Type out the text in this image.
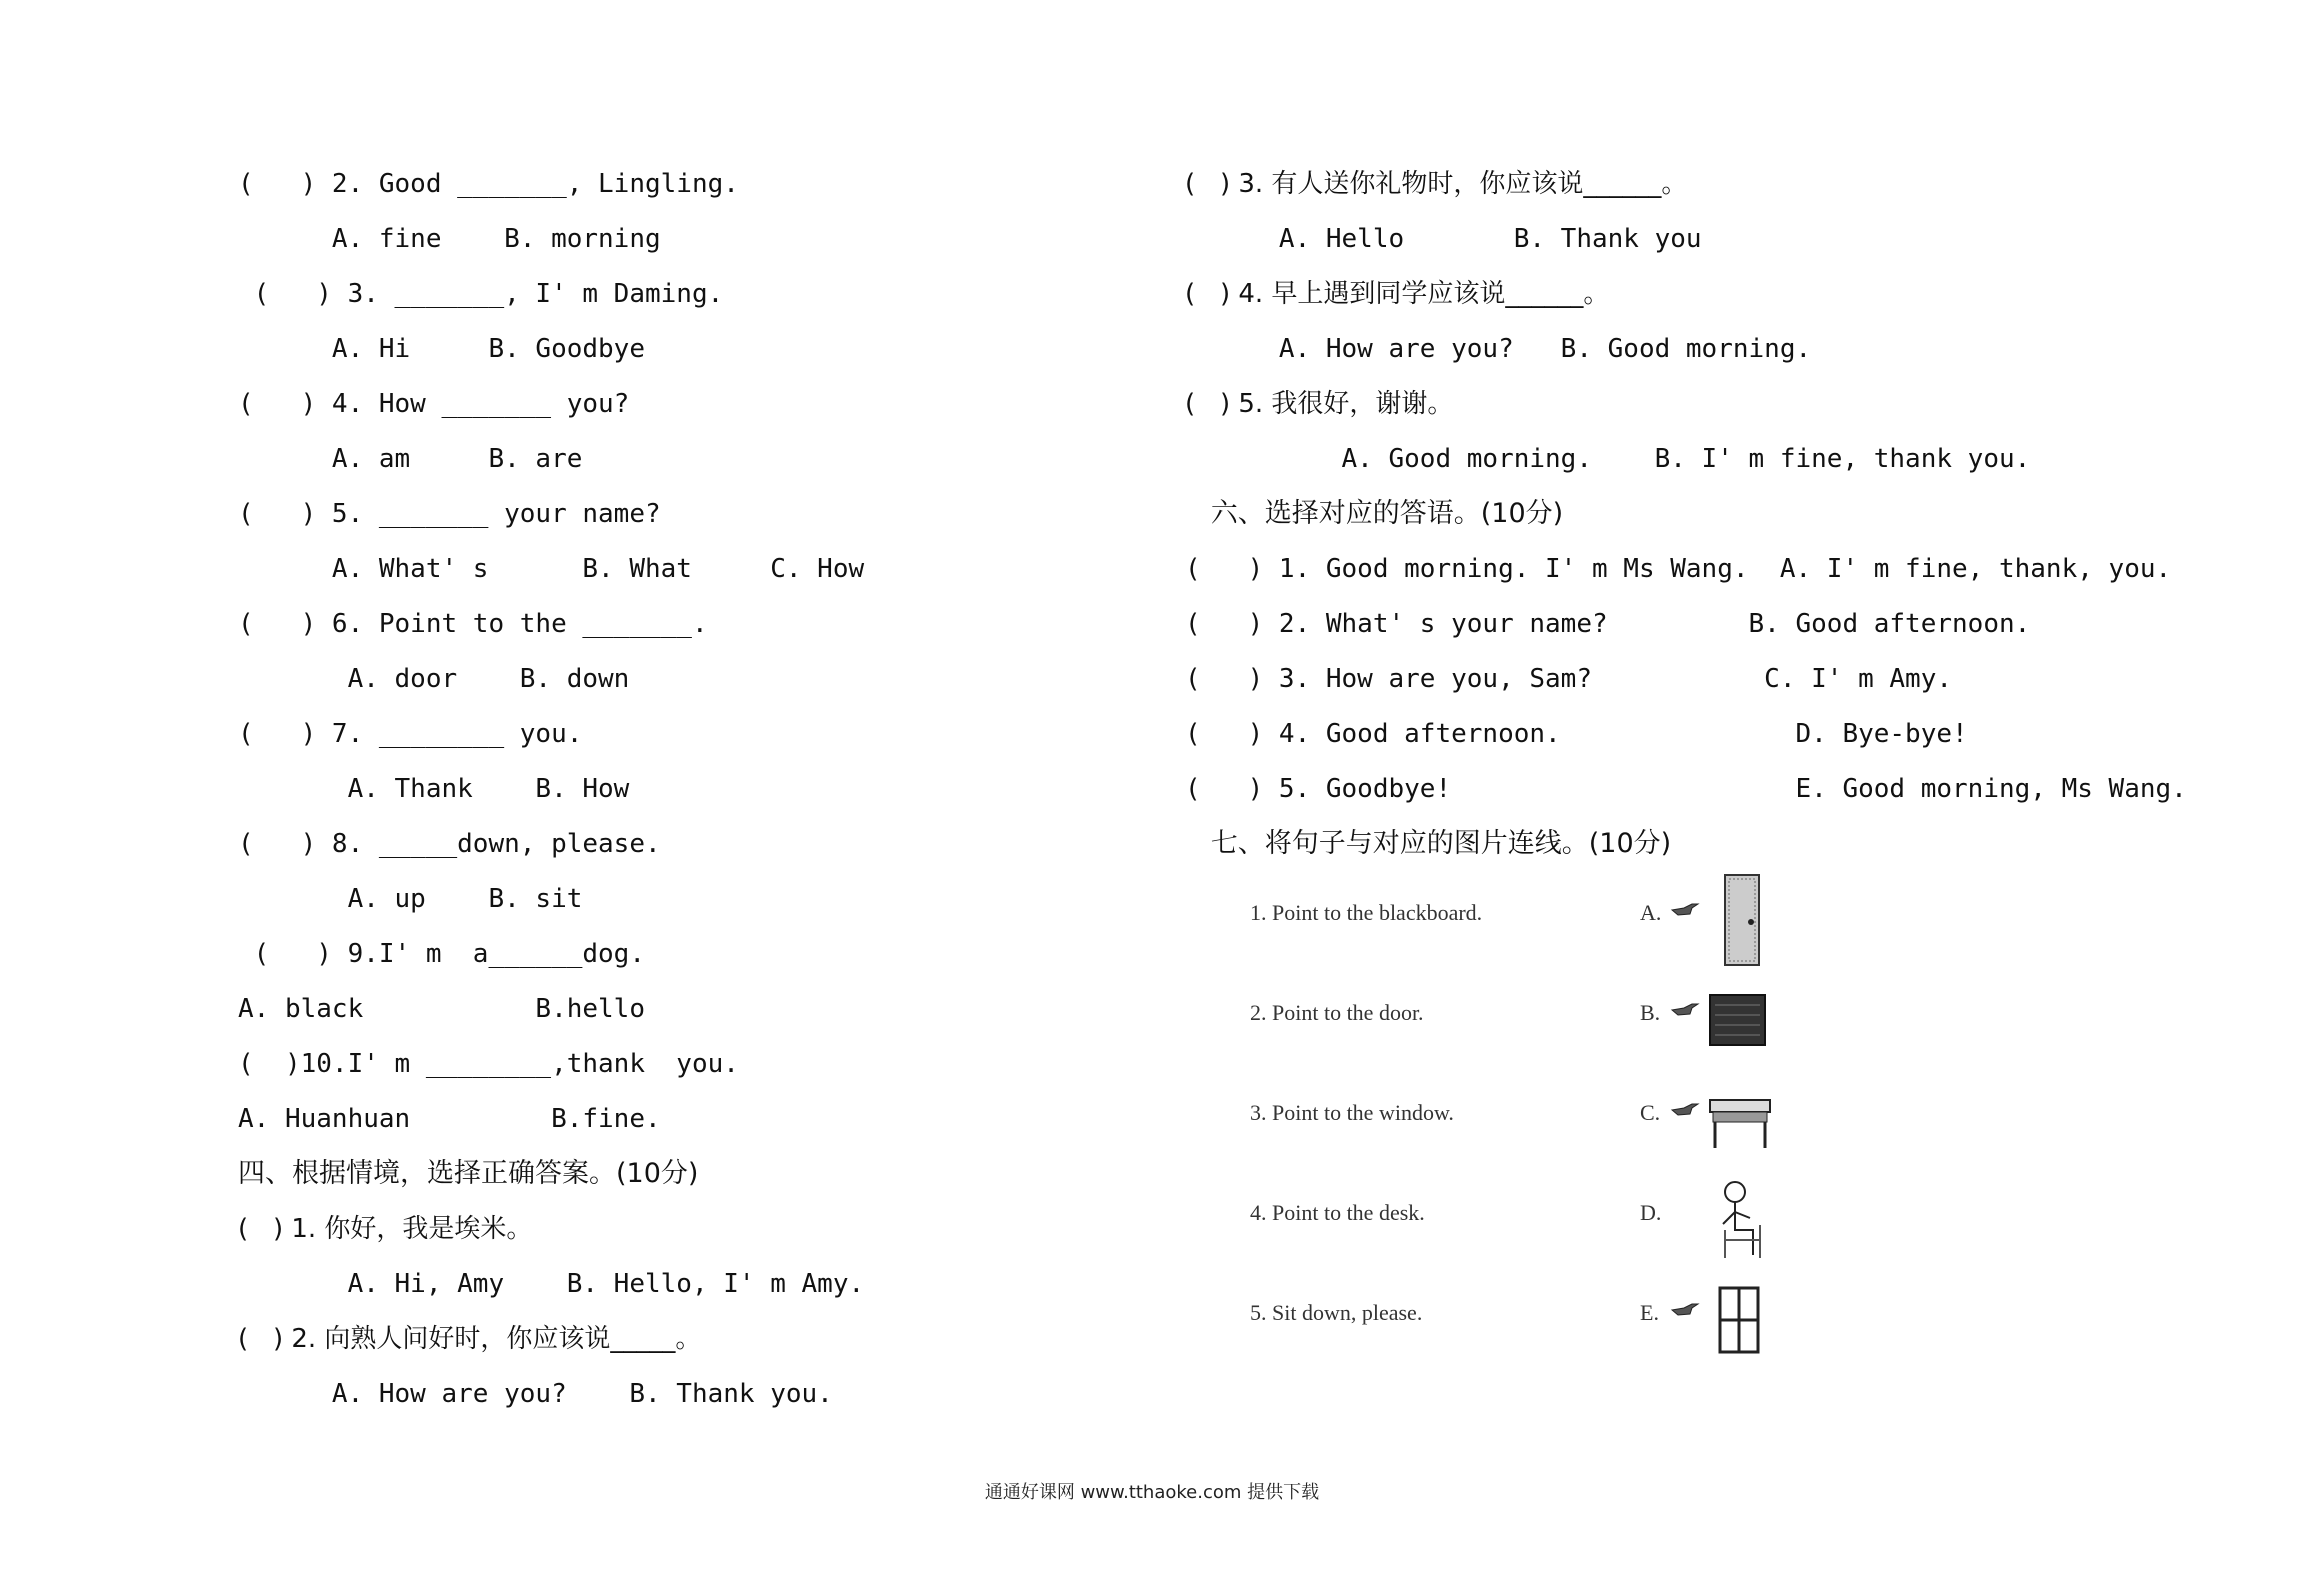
(   ) 2. Good _______, Lingling.
A. fine    B. morning
(   ) 3. _______, I' m Daming.
A. Hi     B. Goodbye
(   ) 4. How _______ you?
A. am     B. are
(   ) 5. _______ your name?
A. What' s      B. What     C. How
(   ) 6. Point to the _______.
A. door    B. down
(   ) 7. ________ you.
A. Thank    B. How
(   ) 8. _____down, please.
A. up    B. sit
(   ) 9.I' m  a______dog.
A. black           B.hello
(  )10.I' m ________,thank  you.
A. Huanhuan         B.fine.
四、根据情境，选择正确答案。(10分)
(   ) 1. 你好，我是埃米。
A. Hi, Amy    B. Hello, I' m Amy.
(   ) 2. 向熟人问好时，你应该说_____。
A. How are you?    B. Thank you.
(   ) 3. 有人送你礼物时，你应该说______。
A. Hello       B. Thank you
(   ) 4. 早上遇到同学应该说______。
A. How are you?   B. Good morning.
(   ) 5. 我很好，谢谢。
A. Good morning.    B. I' m fine, thank you.
六、选择对应的答语。(10分)
(   ) 1. Good morning. I' m Ms Wang.  A. I' m fine, thank, you.
(   ) 2. What' s your name?         B. Good afternoon.
(   ) 3. How are you, Sam?           C. I' m Amy.
(   ) 4. Good afternoon.               D. Bye-bye!
(   ) 5. Goodbye!                      E. Good morning, Ms Wang.
七、将句子与对应的图片连线。(10分)
1. Point to the blackboard.	A.
2. Point to the door.	B.
3. Point to the window.	C.
4. Point to the desk.	D.
5. Sit down, please.	E.
通通好课网 www.tthaoke.com 提供下载
